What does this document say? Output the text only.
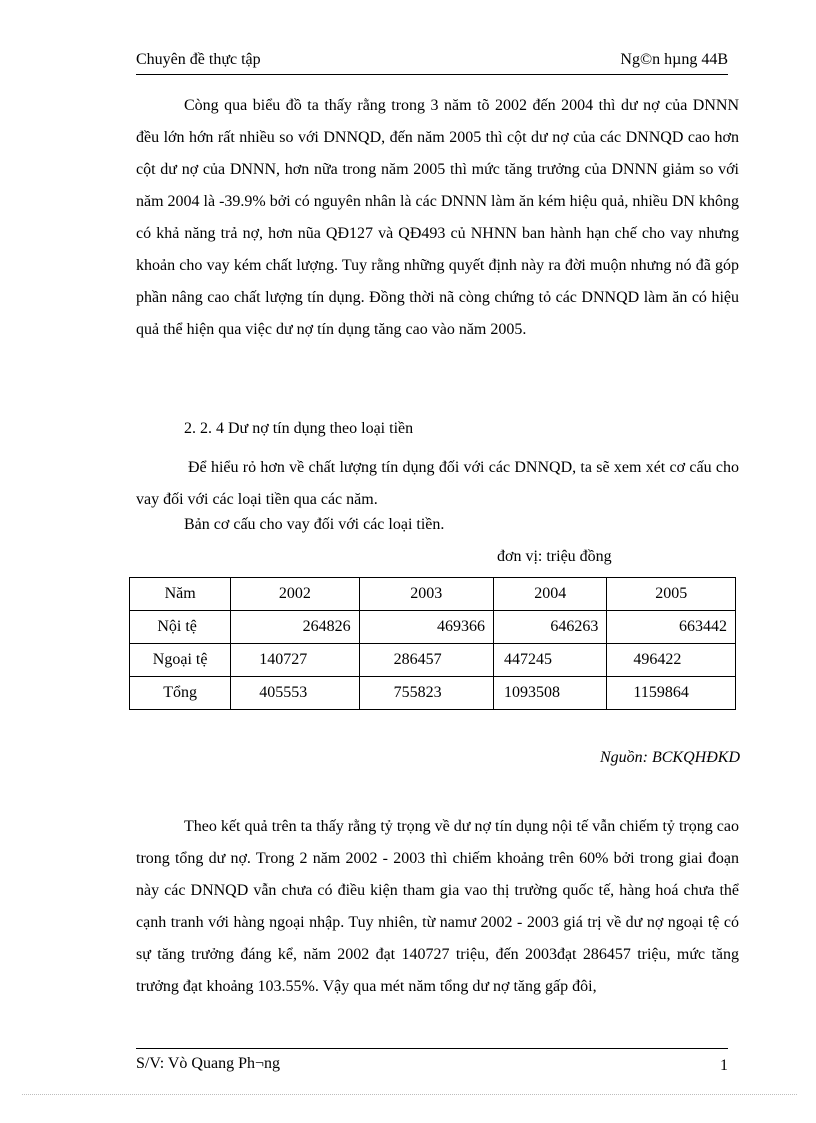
Chuyên đề thực tập	Ng©n hµng 44B
Còng qua biểu đồ ta thấy rằng trong 3 năm tõ 2002 đến 2004 thì dư nợ của DNNN đều lớn hớn rất nhiều so với DNNQD, đến năm 2005 thì cột dư nợ của các DNNQD cao hơn cột dư nợ của DNNN, hơn nữa trong năm 2005 thì mức tăng trưởng của DNNN giảm so với năm 2004 là -39.9% bởi có nguyên nhân là các DNNN làm ăn kém hiệu quả, nhiều DN không có khả năng trả nợ, hơn nũa QĐ127 và QĐ493 củ NHNN ban hành hạn chế cho vay nhưng khoản cho vay kém chất lượng. Tuy rằng những quyết định này ra đời muộn nhưng nó đã góp phần nâng cao chất lượng tín dụng. Đồng thời nã còng chứng tỏ các DNNQD làm ăn có hiệu quả thể hiện qua việc dư nợ tín dụng tăng cao vào năm 2005.
2. 2. 4 Dư nợ tín dụng theo loại tiền
Để hiểu rỏ hơn về chất lượng tín dụng đối với các DNNQD, ta sẽ xem xét cơ cấu cho vay đối với các loại tiền qua các năm.
Bản cơ cấu cho vay đối với các loại tiền.
đơn vị: triệu đồng
Năm	2002	2003	2004	2005
Nội tệ	264826	469366	646263	663442
Ngoại tệ	140727	286457	447245	496422
Tổng	405553	755823	1093508	1159864
Nguồn: BCKQHĐKD
Theo kết quả trên ta thấy rằng tỷ trọng về dư nợ tín dụng nội tế vẫn chiếm tỷ trọng cao trong tổng dư nợ. Trong 2 năm 2002 - 2003 thì chiếm khoảng trên 60% bởi trong giai đoạn này các DNNQD vẫn chưa có điều kiện tham gia vao thị trường quốc tế, hàng hoá chưa thể cạnh tranh với hàng ngoại nhập. Tuy nhiên, từ namư 2002 - 2003 giá trị về dư nợ ngoại tệ có sự tăng trưởng đáng kể, năm 2002 đạt 140727 triệu, đến 2003đạt 286457 triệu, mức tăng trưởng đạt khoảng 103.55%. Vậy qua mét năm tổng dư nợ tăng gấp đôi,
S/V: Vò Quang Ph¬ng	1
